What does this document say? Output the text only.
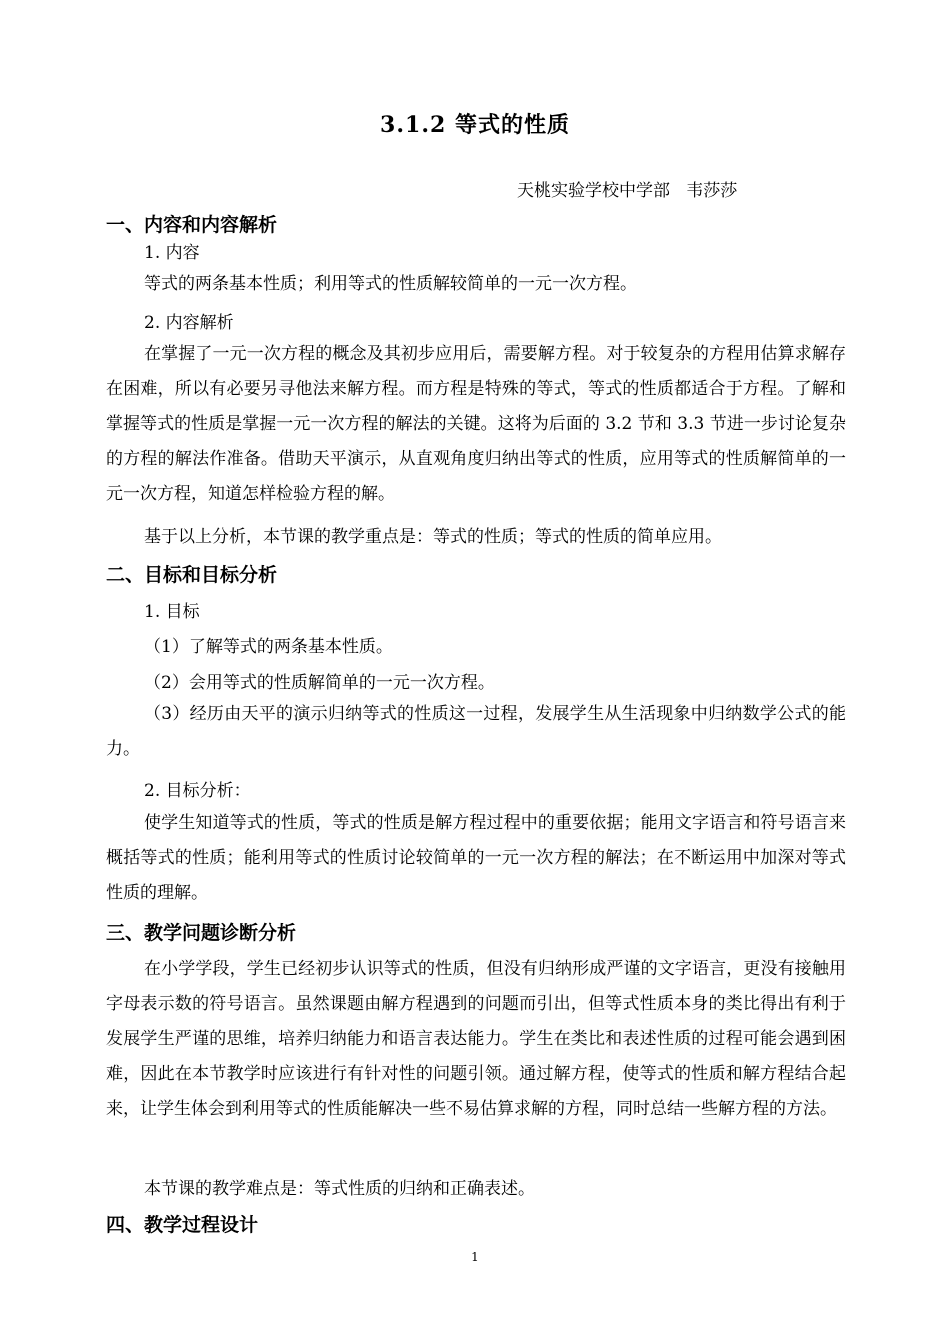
3.1.2 等式的性质
天桃实验学校中学部   韦莎莎
一、内容和内容解析
1. 内容
等式的两条基本性质；利用等式的性质解较简单的一元一次方程。
2. 内容解析
在掌握了一元一次方程的概念及其初步应用后，需要解方程。对于较复杂的方程用估算求解存在困难，所以有必要另寻他法来解方程。而方程是特殊的等式，等式的性质都适合于方程。了解和掌握等式的性质是掌握一元一次方程的解法的关键。这将为后面的 3.2 节和 3.3 节进一步讨论复杂的方程的解法作准备。借助天平演示，从直观角度归纳出等式的性质，应用等式的性质解简单的一元一次方程，知道怎样检验方程的解。
基于以上分析，本节课的教学重点是：等式的性质；等式的性质的简单应用。
二、目标和目标分析
1. 目标
（1）了解等式的两条基本性质。
（2）会用等式的性质解简单的一元一次方程。
（3）经历由天平的演示归纳等式的性质这一过程，发展学生从生活现象中归纳数学公式的能力。
2. 目标分析：
使学生知道等式的性质，等式的性质是解方程过程中的重要依据；能用文字语言和符号语言来概括等式的性质；能利用等式的性质讨论较简单的一元一次方程的解法；在不断运用中加深对等式性质的理解。
三、教学问题诊断分析
在小学学段，学生已经初步认识等式的性质，但没有归纳形成严谨的文字语言，更没有接触用字母表示数的符号语言。虽然课题由解方程遇到的问题而引出，但等式性质本身的类比得出有利于发展学生严谨的思维，培养归纳能力和语言表达能力。学生在类比和表述性质的过程可能会遇到困难，因此在本节教学时应该进行有针对性的问题引领。通过解方程，使等式的性质和解方程结合起来，让学生体会到利用等式的性质能解决一些不易估算求解的方程，同时总结一些解方程的方法。
本节课的教学难点是：等式性质的归纳和正确表述。
四、教学过程设计
1
